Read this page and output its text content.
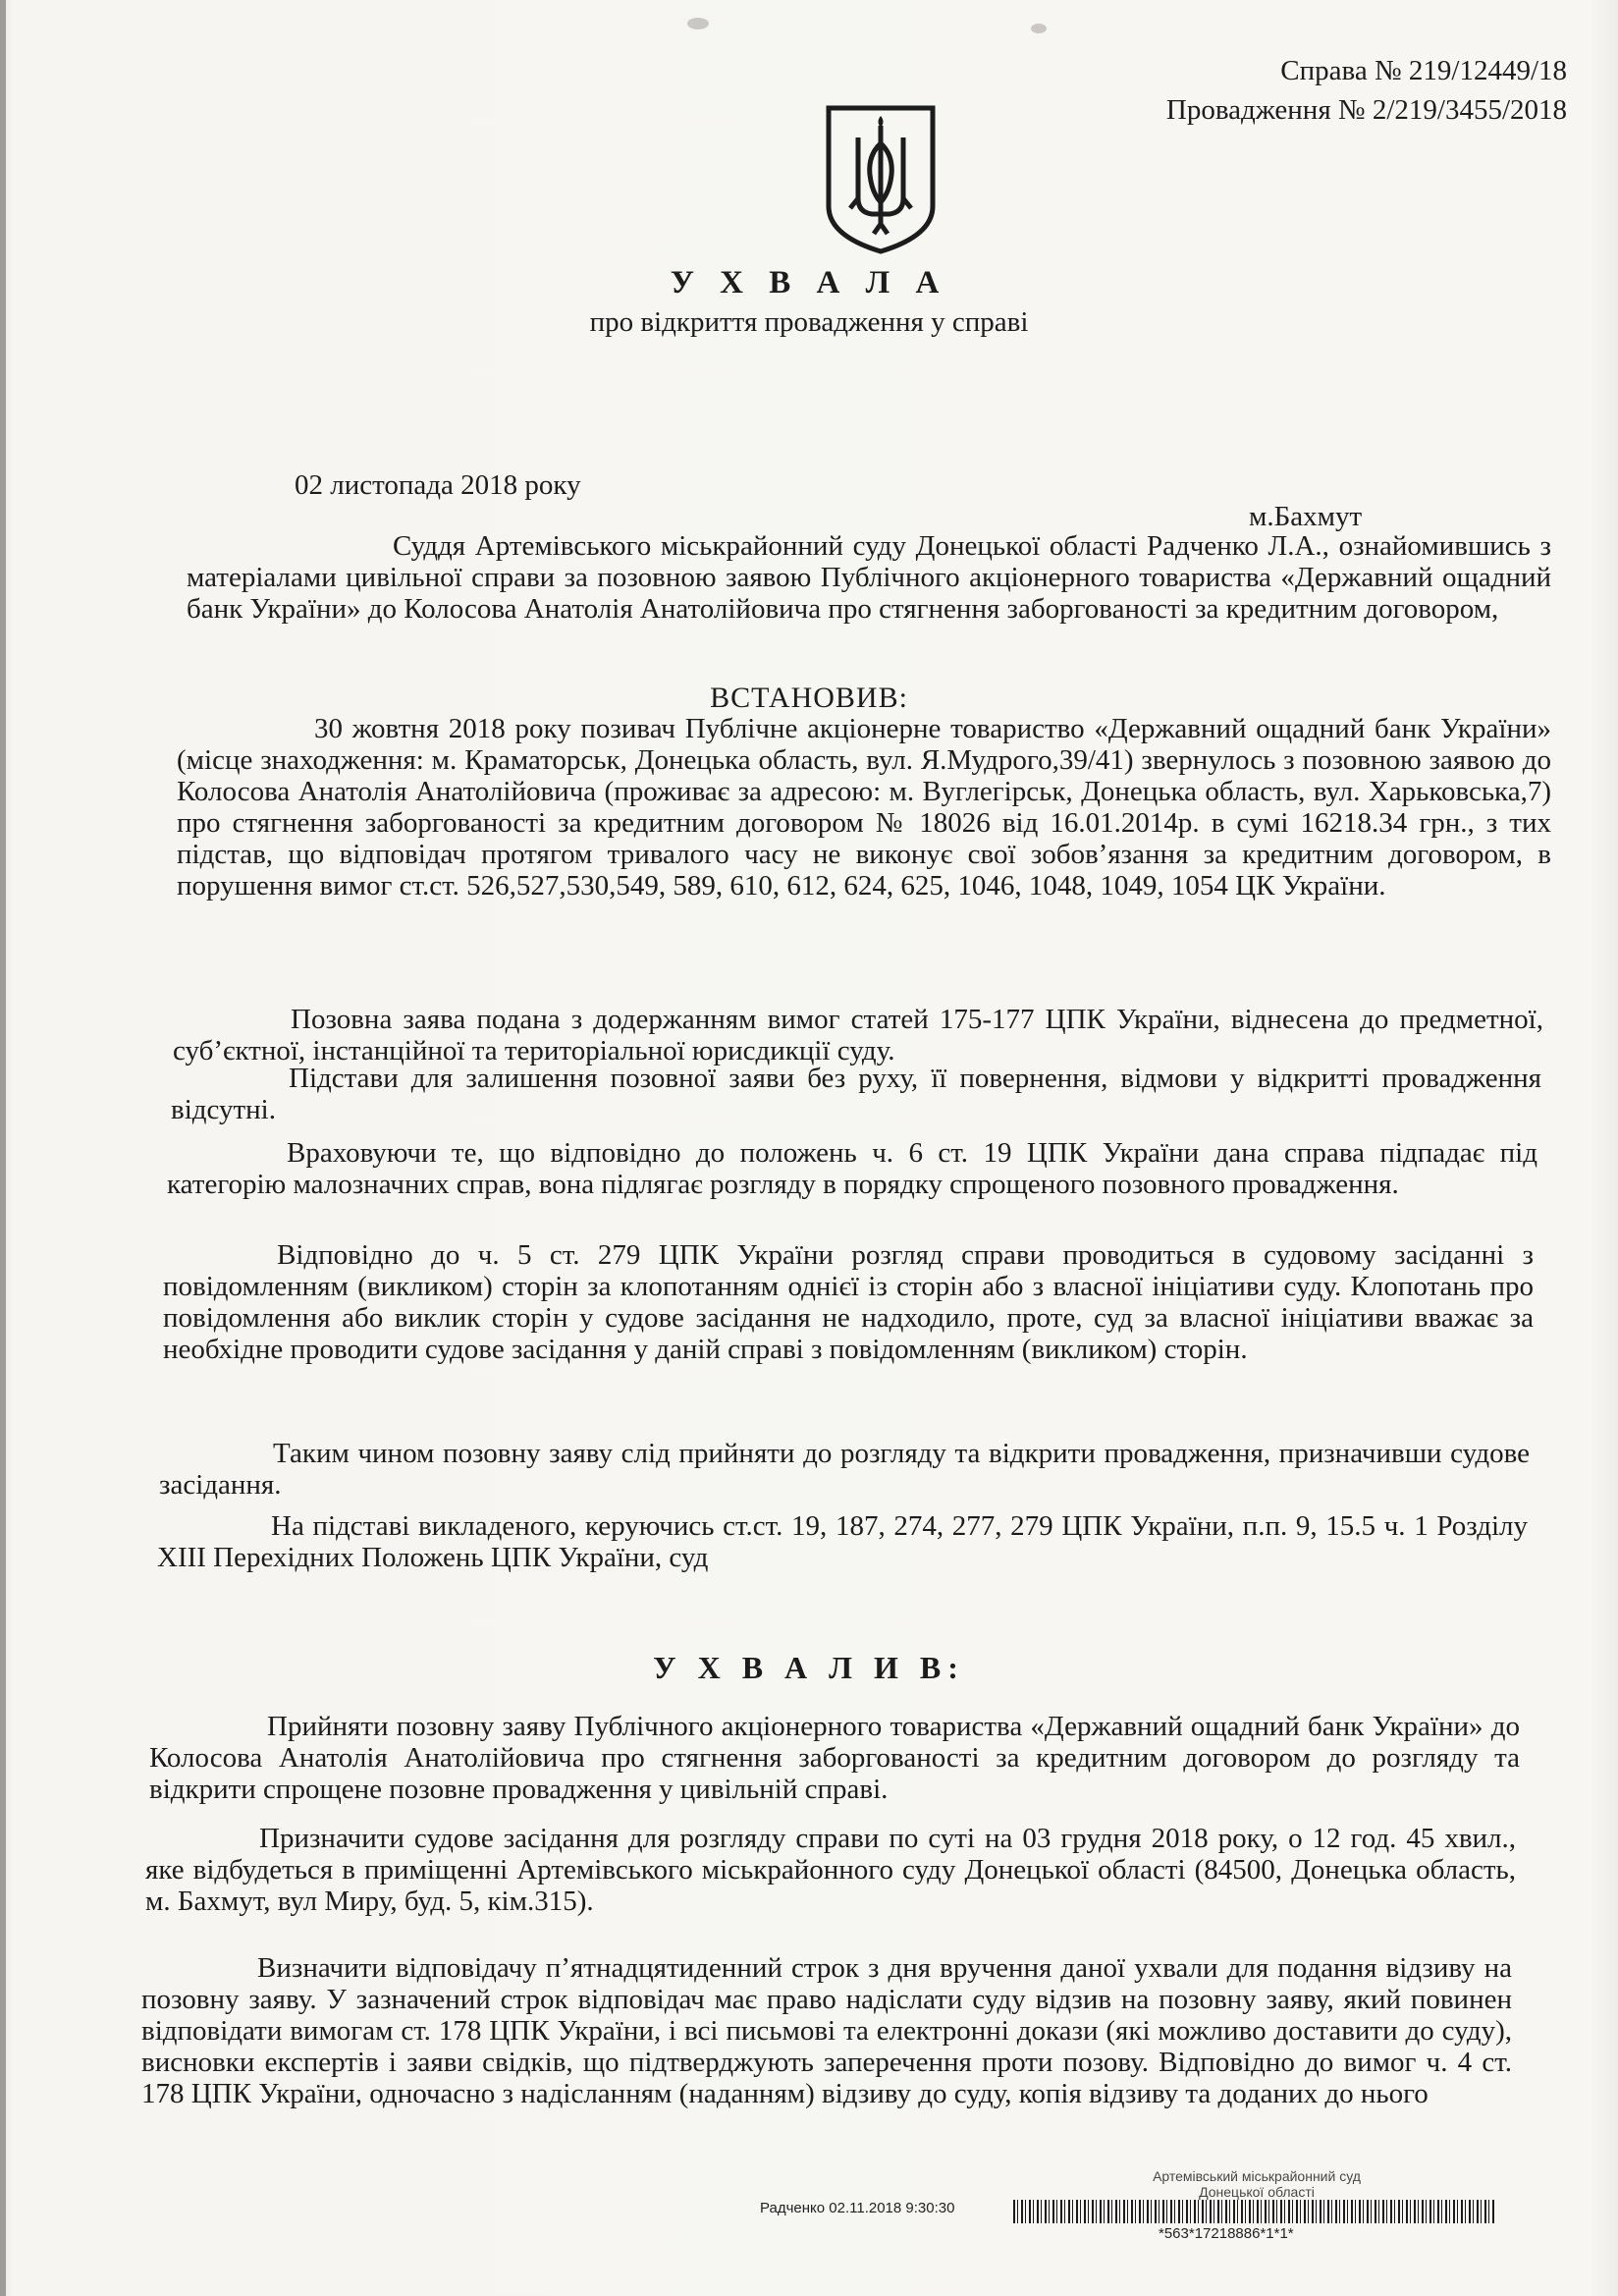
Справа № 219/12449/18
Провадження № 2/219/3455/2018
У Х В А Л А
про відкриття провадження у справі
02 листопада 2018 року
м.Бахмут
Суддя Артемівського міськрайонний суду Донецької області Радченко Л.А., ознайомившись з матеріалами цивільної справи за позовною заявою Публічного акціонерного товариства «Державний ощадний банк України» до Колосова Анатолія Анатолійовича про стягнення заборгованості за кредитним договором,
ВСТАНОВИВ:
30 жовтня 2018 року позивач Публічне акціонерне товариство «Державний ощадний банк України» (місце знаходження: м. Краматорськ, Донецька область, вул. Я.Мудрого,39/41) звернулось з позовною заявою до Колосова Анатолія Анатолійовича (проживає за адресою: м. Вуглегірськ, Донецька область, вул. Харьковська,7) про стягнення заборгованості за кредитним договором № 18026 від 16.01.2014р. в сумі 16218.34 грн., з тих підстав, що відповідач протягом тривалого часу не виконує свої зобов’язання за кредитним договором, в порушення вимог ст.ст. 526,527,530,549, 589, 610, 612, 624, 625, 1046, 1048, 1049, 1054 ЦК України.
Позовна заява подана з додержанням вимог статей 175-177 ЦПК України, віднесена до предметної, суб’єктної, інстанційної та територіальної юрисдикції суду.
Підстави для залишення позовної заяви без руху, її повернення, відмови у відкритті провадження відсутні.
Враховуючи те, що відповідно до положень ч. 6 ст. 19 ЦПК України дана справа підпадає під категорію малозначних справ, вона підлягає розгляду в порядку спрощеного позовного провадження.
Відповідно до ч. 5 ст. 279 ЦПК України розгляд справи проводиться в судовому засіданні з повідомленням (викликом) сторін за клопотанням однієї із сторін або з власної ініціативи суду. Клопотань про повідомлення або виклик сторін у судове засідання не надходило, проте, суд за власної ініціативи вважає за необхідне проводити судове засідання у даній справі з повідомленням (викликом) сторін.
Таким чином позовну заяву слід прийняти до розгляду та відкрити провадження, призначивши судове засідання.
На підставі викладеного, керуючись ст.ст. 19, 187, 274, 277, 279 ЦПК України, п.п. 9, 15.5 ч. 1 Розділу ХІІІ Перехідних Положень ЦПК України, суд
У Х В А Л И В:
Прийняти позовну заяву Публічного акціонерного товариства «Державний ощадний банк України» до Колосова Анатолія Анатолійовича про стягнення заборгованості за кредитним договором до розгляду та відкрити спрощене позовне провадження у цивільній справі.
Призначити судове засідання для розгляду справи по суті на 03 грудня 2018 року, о 12 год. 45 хвил., яке відбудеться в приміщенні Артемівського міськрайонного суду Донецької області (84500, Донецька область, м. Бахмут, вул Миру, буд. 5, кім.315).
Визначити відповідачу п’ятнадцятиденний строк з дня вручення даної ухвали для подання відзиву на позовну заяву. У зазначений строк відповідач має право надіслати суду відзив на позовну заяву, який повинен відповідати вимогам ст. 178 ЦПК України, і всі письмові та електронні докази (які можливо доставити до суду), висновки експертів і заяви свідків, що підтверджують заперечення проти позову. Відповідно до вимог ч. 4 ст. 178 ЦПК України, одночасно з надісланням (наданням) відзиву до суду, копія відзиву та доданих до нього
Артемівський міськрайонний суд
Донецької області
Радченко 02.11.2018 9:30:30
*563*17218886*1*1*
